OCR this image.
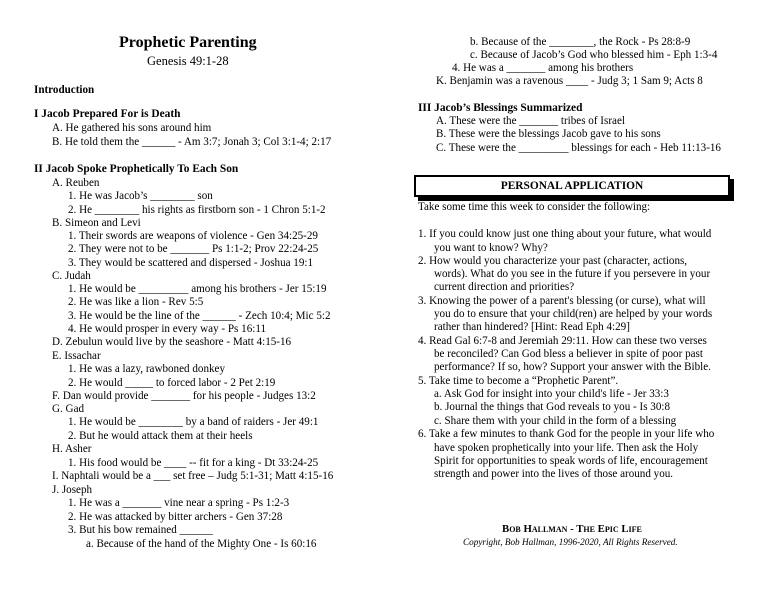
Prophetic Parenting
Genesis 49:1-28
Introduction
I Jacob Prepared For is Death
A. He gathered his sons around him
B. He told them the ______ - Am 3:7; Jonah 3; Col 3:1-4; 2:17
II Jacob Spoke Prophetically To Each Son
A. Reuben
1. He was Jacob’s ________ son
2. He ________ his rights as firstborn son - 1 Chron 5:1-2
B. Simeon and Levi
1. Their swords are weapons of violence - Gen 34:25-29
2. They were not to be _______ Ps 1:1-2; Prov 22:24-25
3. They would be scattered and dispersed - Joshua 19:1
C. Judah
1. He would be _________ among his brothers - Jer 15:19
2. He was like a lion - Rev 5:5
3. He would be the line of the ______ - Zech 10:4; Mic 5:2
4. He would prosper in every way - Ps 16:11
D. Zebulun would live by the seashore - Matt 4:15-16
E. Issachar
1. He was a lazy, rawboned donkey
2. He would _____ to forced labor - 2 Pet 2:19
F. Dan would provide _______ for his people - Judges 13:2
G. Gad
1. He would be ________ by a band of raiders - Jer 49:1
2. But he would attack them at their heels
H. Asher
1. His food would be ____ -- fit for a king - Dt 33:24-25
I. Naphtali would be a ___ set free – Judg 5:1-31; Matt 4:15-16
J. Joseph
1. He was a _______ vine near a spring - Ps 1:2-3
2. He was attacked by bitter archers - Gen 37:28
3. But his bow remained ______
a. Because of the hand of the Mighty One - Is 60:16
b. Because of the ________, the Rock - Ps 28:8-9
c. Because of Jacob’s God who blessed him - Eph 1:3-4
4. He was a _______ among his brothers
K. Benjamin was a ravenous ____ - Judg 3; 1 Sam 9; Acts 8
III Jacob’s Blessings Summarized
A. These were the _______ tribes of Israel
B. These were the blessings Jacob gave to his sons
C. These were the _________ blessings for each - Heb 11:13-16
PERSONAL APPLICATION
Take some time this week to consider the following:
1. If you could know just one thing about your future, what would
you want to know? Why?
2. How would you characterize your past (character, actions,
words). What do you see in the future if you persevere in your
current direction and priorities?
3. Knowing the power of a parent's blessing (or curse), what will
you do to ensure that your child(ren) are helped by your words
rather than hindered? [Hint: Read Eph 4:29]
4. Read Gal 6:7-8 and Jeremiah 29:11. How can these two verses
be reconciled? Can God bless a believer in spite of poor past
performance? If so, how? Support your answer with the Bible.
5. Take time to become a “Prophetic Parent”.
a. Ask God for insight into your child's life - Jer 33:3
b. Journal the things that God reveals to you - Is 30:8
c. Share them with your child in the form of a blessing
6. Take a few minutes to thank God for the people in your life who
have spoken prophetically into your life. Then ask the Holy
Spirit for opportunities to speak words of life, encouragement
strength and power into the lives of those around you.
Bob Hallman - The Epic Life
Copyright, Bob Hallman, 1996-2020, All Rights Reserved.
